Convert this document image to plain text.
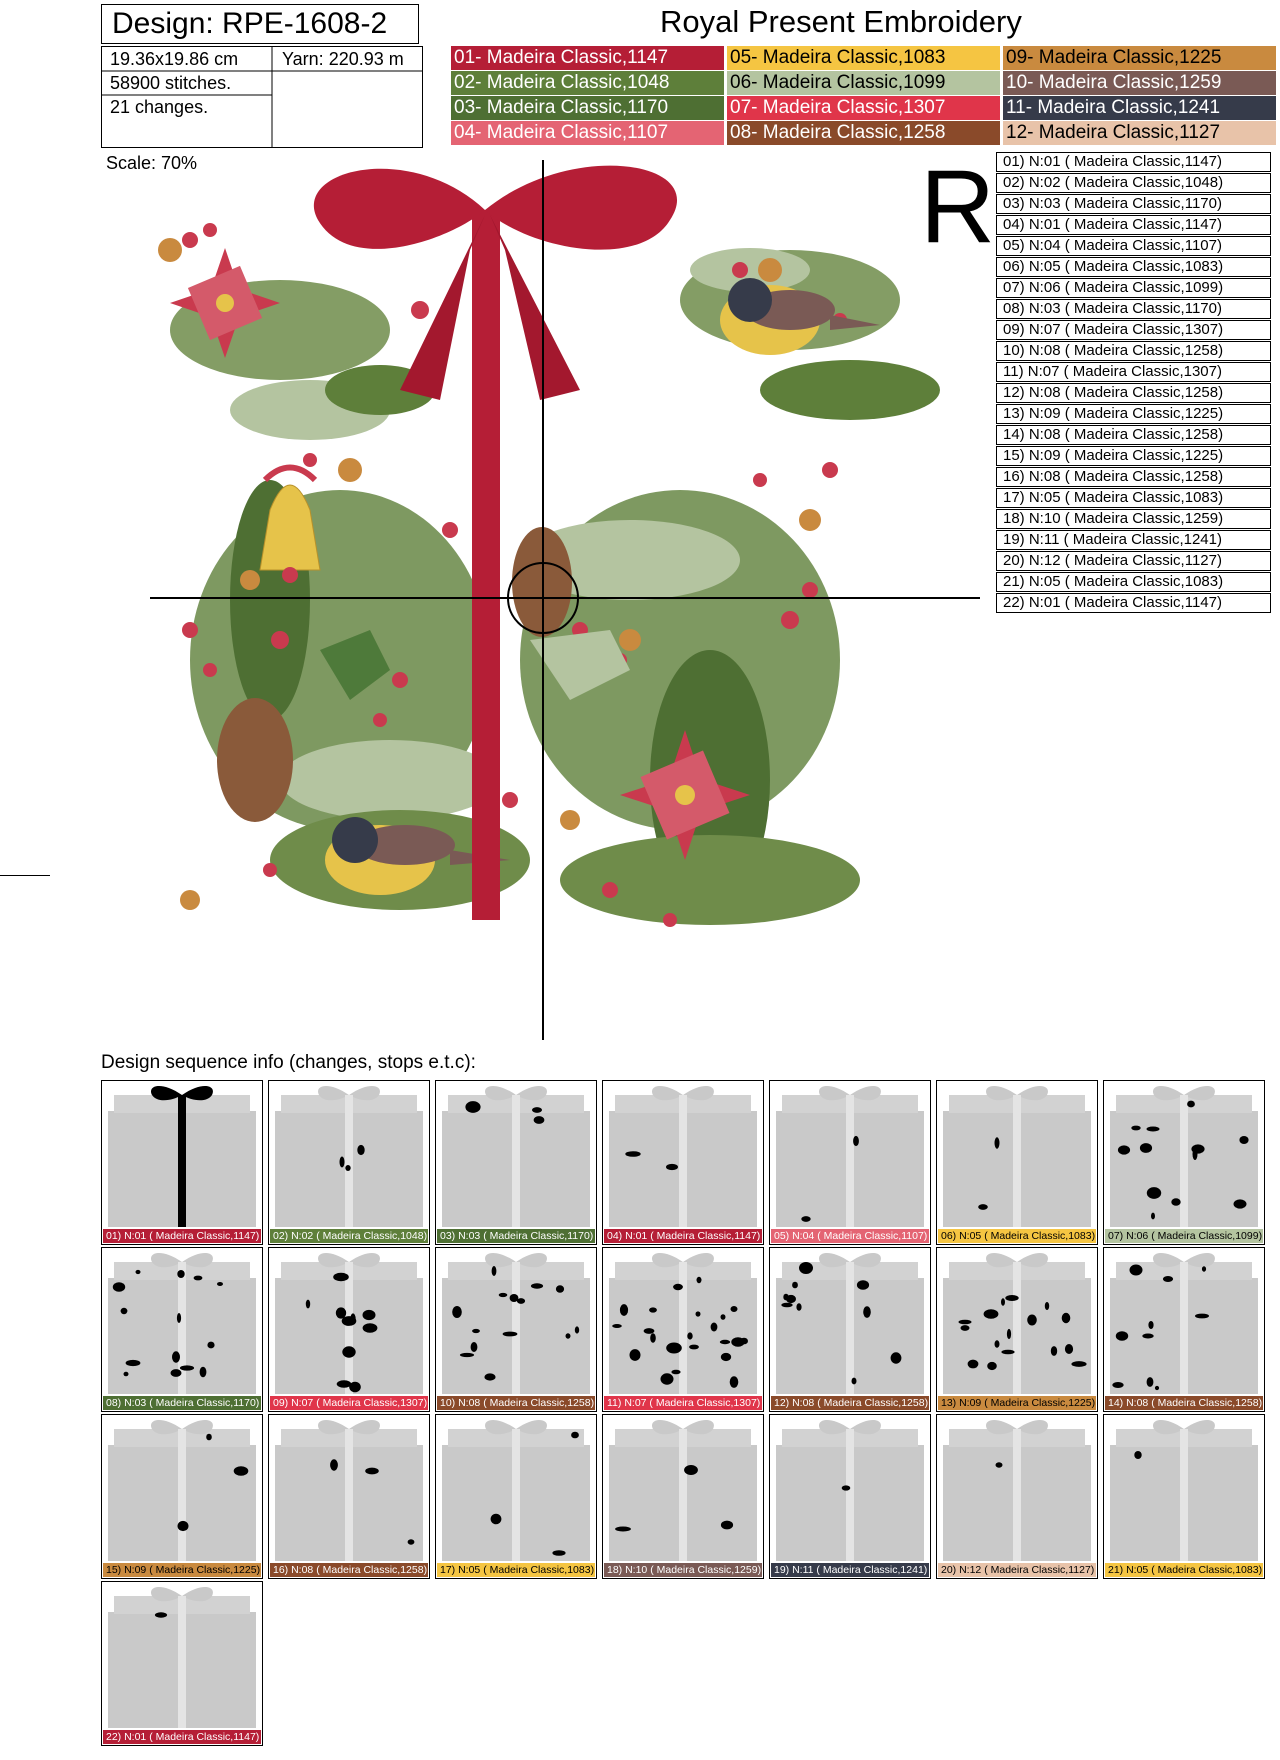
Design: RPE-1608-2
19.36x19.86 cm Yarn: 220.93 m
58900 stitches.
21 changes.
Royal Present Embroidery
01- Madeira Classic,1147
02- Madeira Classic,1048
03- Madeira Classic,1170
04- Madeira Classic,1107
05- Madeira Classic,1083
06- Madeira Classic,1099
07- Madeira Classic,1307
08- Madeira Classic,1258
09- Madeira Classic,1225
10- Madeira Classic,1259
11- Madeira Classic,1241
12- Madeira Classic,1127
Scale: 70%	R 01) N:01 ( Madeira Classic,1147)
02) N:02 ( Madeira Classic,1048)
03) N:03 ( Madeira Classic,1170)
04) N:01 ( Madeira Classic,1147)
05) N:04 ( Madeira Classic,1107)
06) N:05 ( Madeira Classic,1083)
07) N:06 ( Madeira Classic,1099)
08) N:03 ( Madeira Classic,1170)
09) N:07 ( Madeira Classic,1307)
10) N:08 ( Madeira Classic,1258)
11) N:07 ( Madeira Classic,1307)
12) N:08 ( Madeira Classic,1258)
13) N:09 ( Madeira Classic,1225)
14) N:08 ( Madeira Classic,1258)
15) N:09 ( Madeira Classic,1225)
16) N:08 ( Madeira Classic,1258)
17) N:05 ( Madeira Classic,1083)
18) N:10 ( Madeira Classic,1259)
19) N:11 ( Madeira Classic,1241)
20) N:12 ( Madeira Classic,1127)
21) N:05 ( Madeira Classic,1083)
22) N:01 ( Madeira Classic,1147)
Design sequence info (changes, stops e.t.c):
01) N:01 ( Madeira Classic,1147) 02) N:02 ( Madeira Classic,1048) 03) N:03 ( Madeira Classic,1170) 04) N:01 ( Madeira Classic,1147) 05) N:04 ( Madeira Classic,1107) 06) N:05 ( Madeira Classic,1083) 07) N:06 ( Madeira Classic,1099)
08) N:03 ( Madeira Classic,1170) 09) N:07 ( Madeira Classic,1307) 10) N:08 ( Madeira Classic,1258) 11) N:07 ( Madeira Classic,1307) 12) N:08 ( Madeira Classic,1258) 13) N:09 ( Madeira Classic,1225) 14) N:08 ( Madeira Classic,1258)
15) N:09 ( Madeira Classic,1225) 16) N:08 ( Madeira Classic,1258) 17) N:05 ( Madeira Classic,1083) 18) N:10 ( Madeira Classic,1259) 19) N:11 ( Madeira Classic,1241) 20) N:12 ( Madeira Classic,1127) 21) N:05 ( Madeira Classic,1083)
22) N:01 ( Madeira Classic,1147)
